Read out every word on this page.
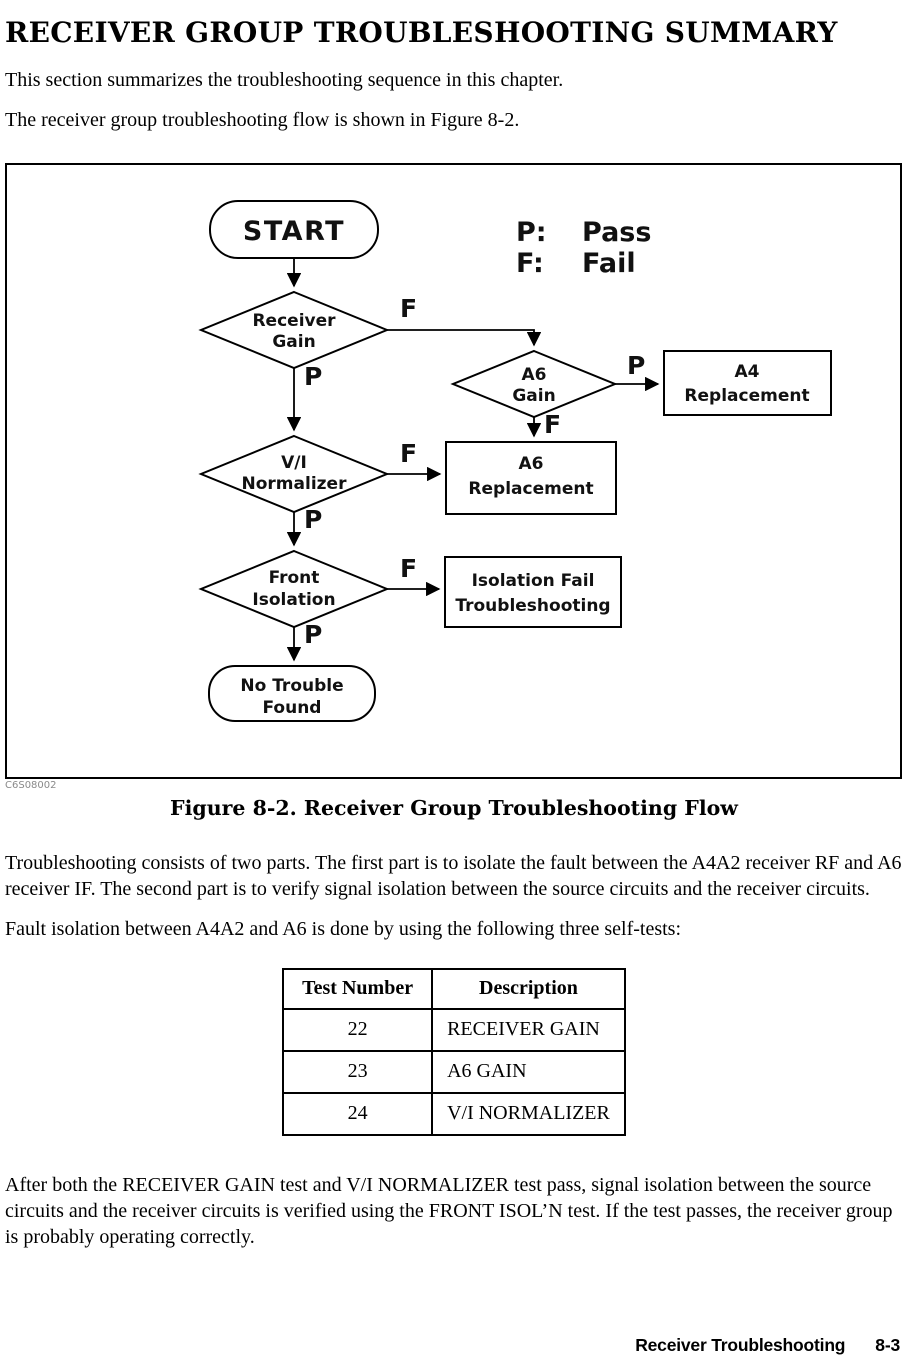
RECEIVER GROUP TROUBLESHOOTING SUMMARY

This section summarizes the troubleshooting sequence in this chapter.

The receiver group troubleshooting flow is shown in Figure 8-2.

START	P: Pass
F: Fail
Receiver
Gain
F
P	A6
Gain
P
F
A4
Replacement
A6
Replacement
V/I
Normalizer
F
P
Front
Isolation
F
P
Isolation Fail
Troubleshooting
No Trouble
Found
C6S08002
Figure 8-2. Receiver Group Troubleshooting Flow

Troubleshooting consists of two parts. The first part is to isolate the fault between the A4A2 receiver RF and A6 receiver IF. The second part is to verify signal isolation between the source circuits and the receiver circuits.

Fault isolation between A4A2 and A6 is done by using the following three self-tests:

Test Number	Description
22	RECEIVER GAIN
23	A6 GAIN
24	V/I NORMALIZER

After both the RECEIVER GAIN test and V/I NORMALIZER test pass, signal isolation between the source circuits and the receiver circuits is verified using the FRONT ISOL’N test. If the test passes, the receiver group is probably operating correctly.

Receiver Troubleshooting 8-3
